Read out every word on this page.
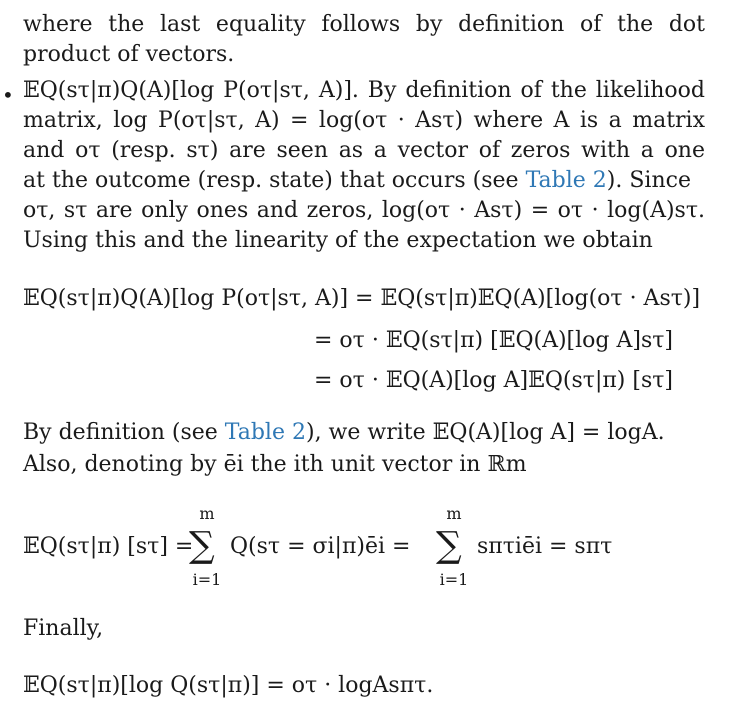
where the last equality follows by definition of the dot
product of vectors.
• 𝔼Q(sτ|π)Q(A)[log P(oτ|sτ, A)]. By definition of the likelihood
matrix, log P(oτ|sτ, A) = log(oτ · Asτ) where A is a matrix
and oτ (resp. sτ) are seen as a vector of zeros with a one
at the outcome (resp. state) that occurs (see Table 2). Since
oτ, sτ are only ones and zeros, log(oτ · Asτ) = oτ · log(A)sτ.
Using this and the linearity of the expectation we obtain
𝔼Q(sτ|π)Q(A)[log P(oτ|sτ, A)] = 𝔼Q(sτ|π)𝔼Q(A)[log(oτ · Asτ)]
= oτ · 𝔼Q(sτ|π) [𝔼Q(A)[log A]sτ]
= oτ · 𝔼Q(A)[log A]𝔼Q(sτ|π) [sτ]
By definition (see Table 2), we write 𝔼Q(A)[log A] = logA.
Also, denoting by ēi the ith unit vector in ℝm
𝔼Q(sτ|π) [sτ] =
m
∑
i=1
Q(sτ = σi|π)ēi =
m
∑
i=1
sπτiēi = sπτ
Finally,
𝔼Q(sτ|π)[log Q(sτ|π)] = oτ · logAsπτ.
